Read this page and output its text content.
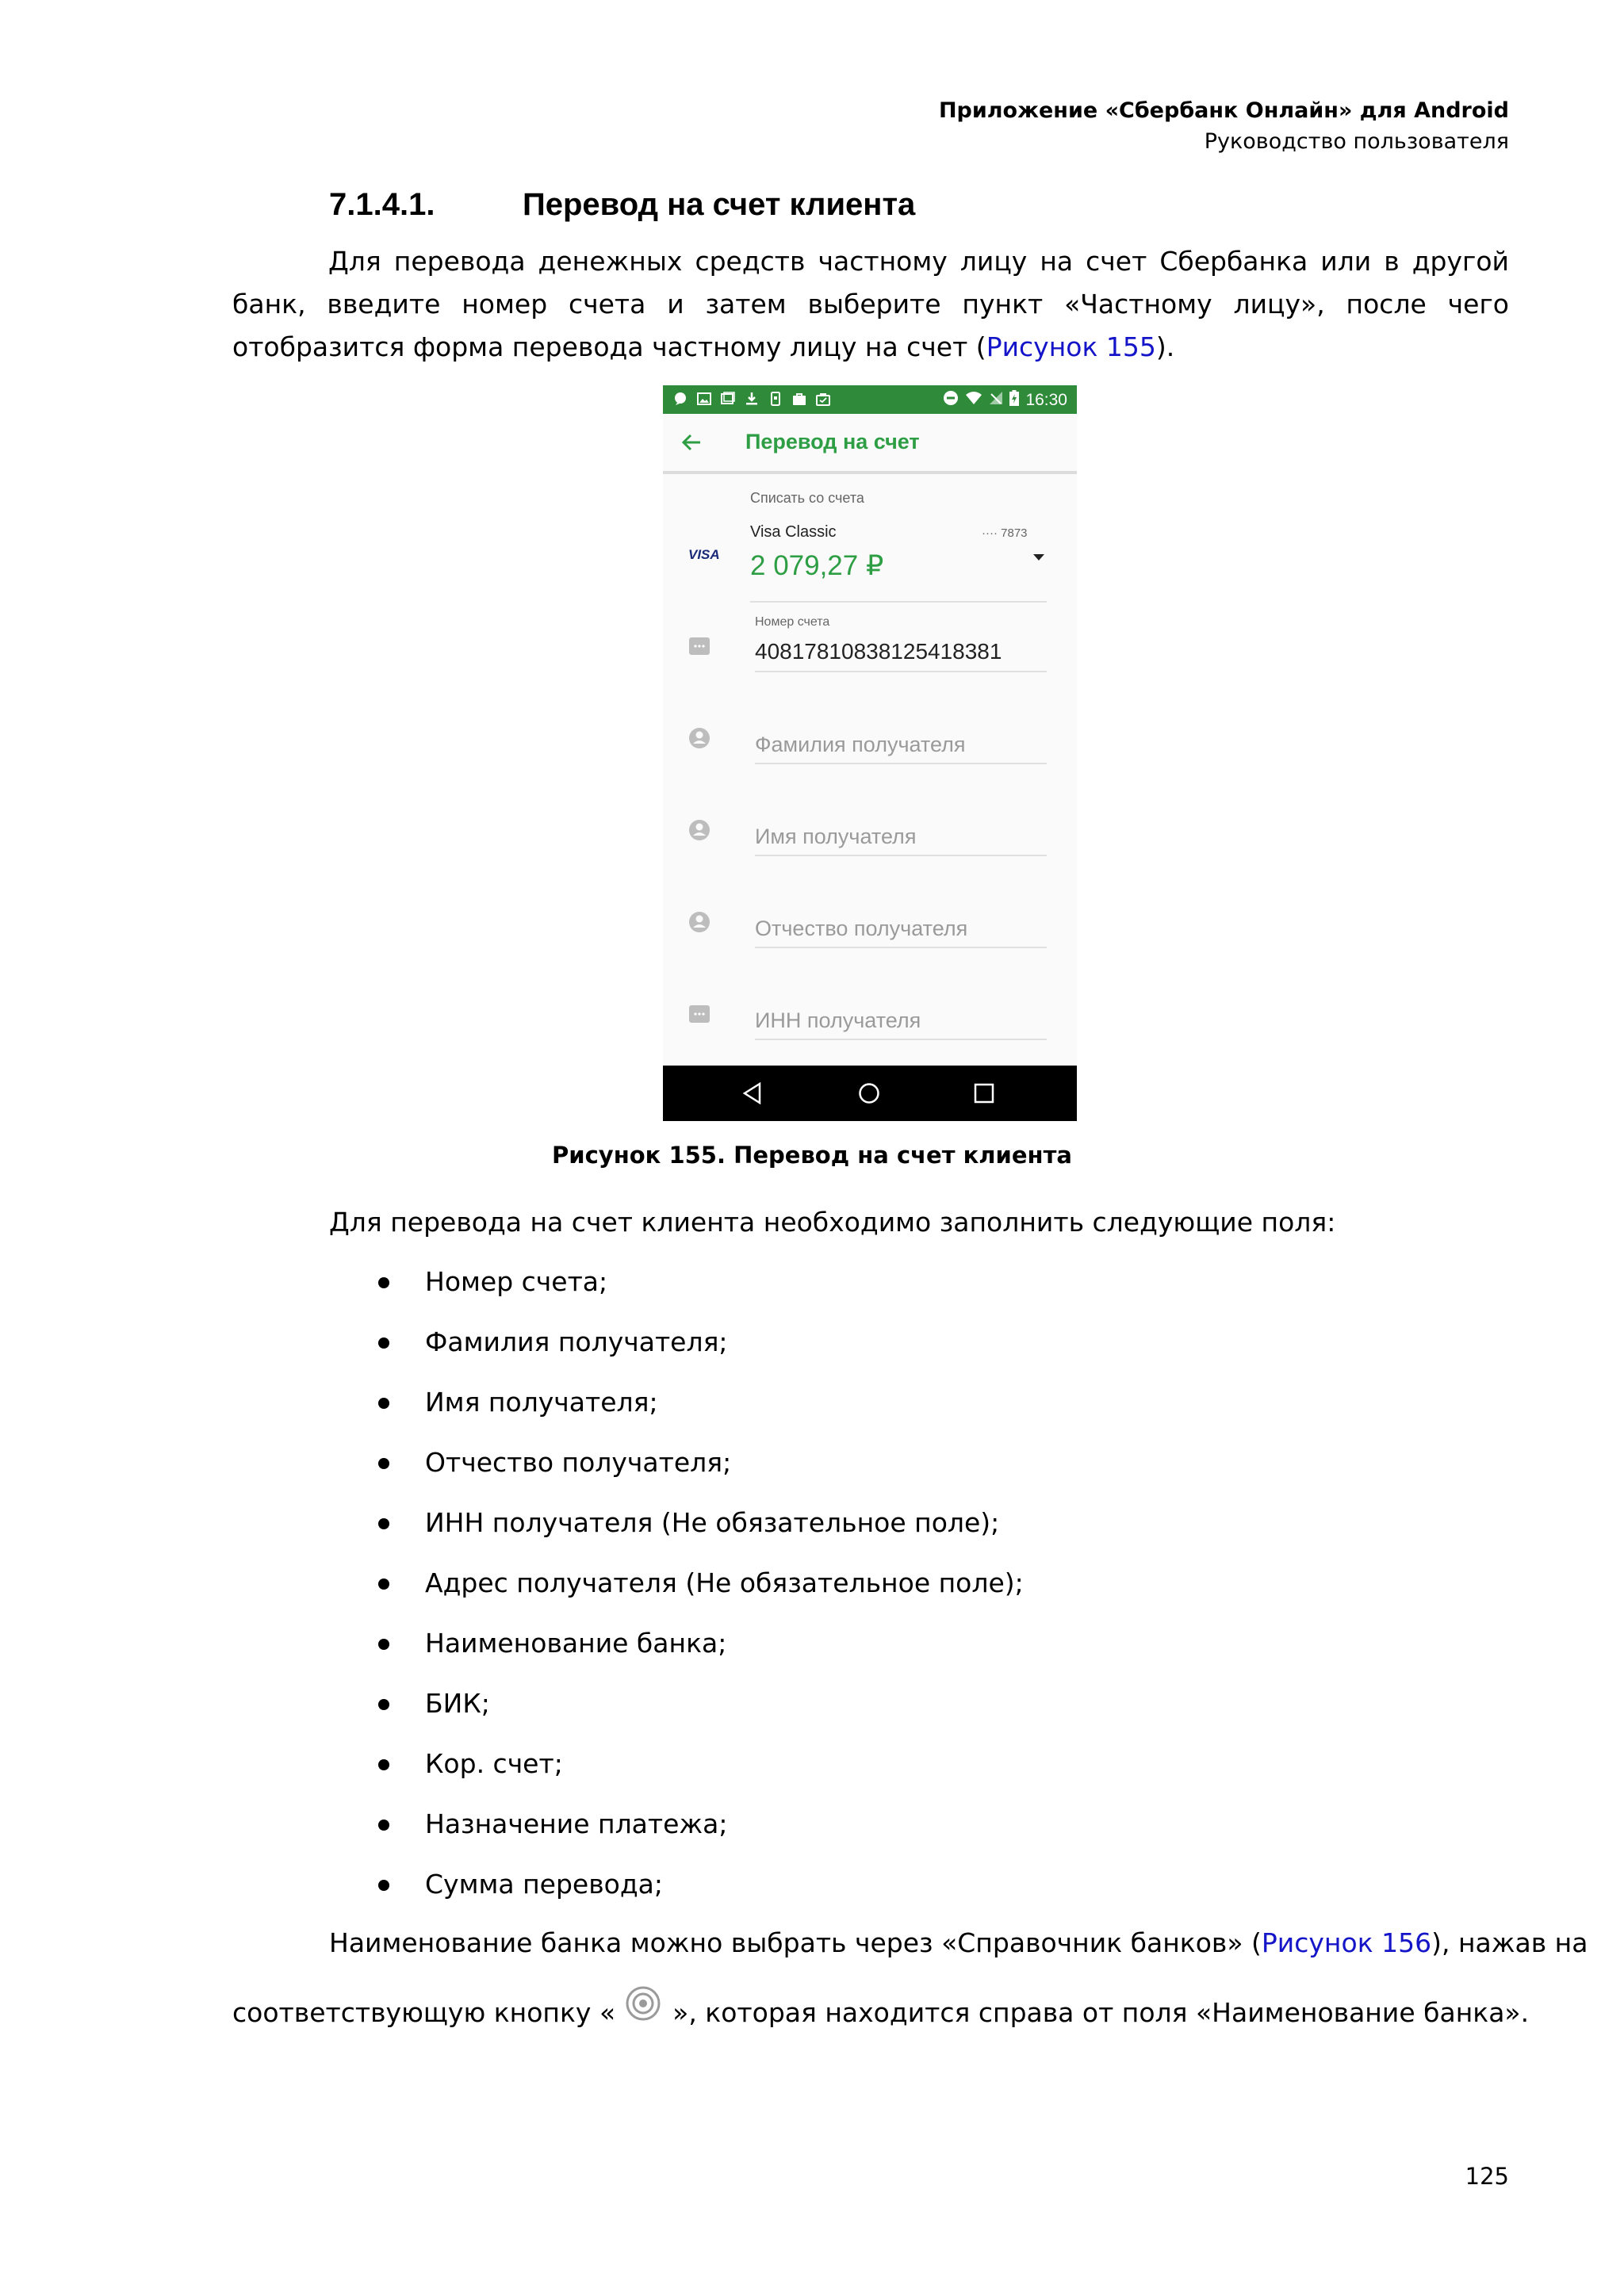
Приложение «Сбербанк Онлайн» для Android
Руководство пользователя
7.1.4.1.	Перевод на счет клиента
Для перевода денежных средств частному лицу на счет Сбербанка или в другой банк, введите номер счета и затем выберите пункт «Частному лицу», после чего отобразится форма перевода частному лицу на счет (Рисунок 155).
16:30
Перевод на счет
Списать со счета
VISA
Visa Classic	···· 7873
2 079,27 ₽
Номер счета
40817810838125418381
Фамилия получателя
Имя получателя
Отчество получателя
ИНН получателя
Рисунок 155. Перевод на счет клиента
Для перевода на счет клиента необходимо заполнить следующие поля:
Номер счета;
Фамилия получателя;
Имя получателя;
Отчество получателя;
ИНН получателя (Не обязательное поле);
Адрес получателя (Не обязательное поле);
Наименование банка;
БИК;
Кор. счет;
Назначение платежа;
Сумма перевода;
Наименование банка можно выбрать через «Справочник банков» (Рисунок 156), нажав на
соответствующую кнопку « », которая находится справа от поля «Наименование банка».
125
